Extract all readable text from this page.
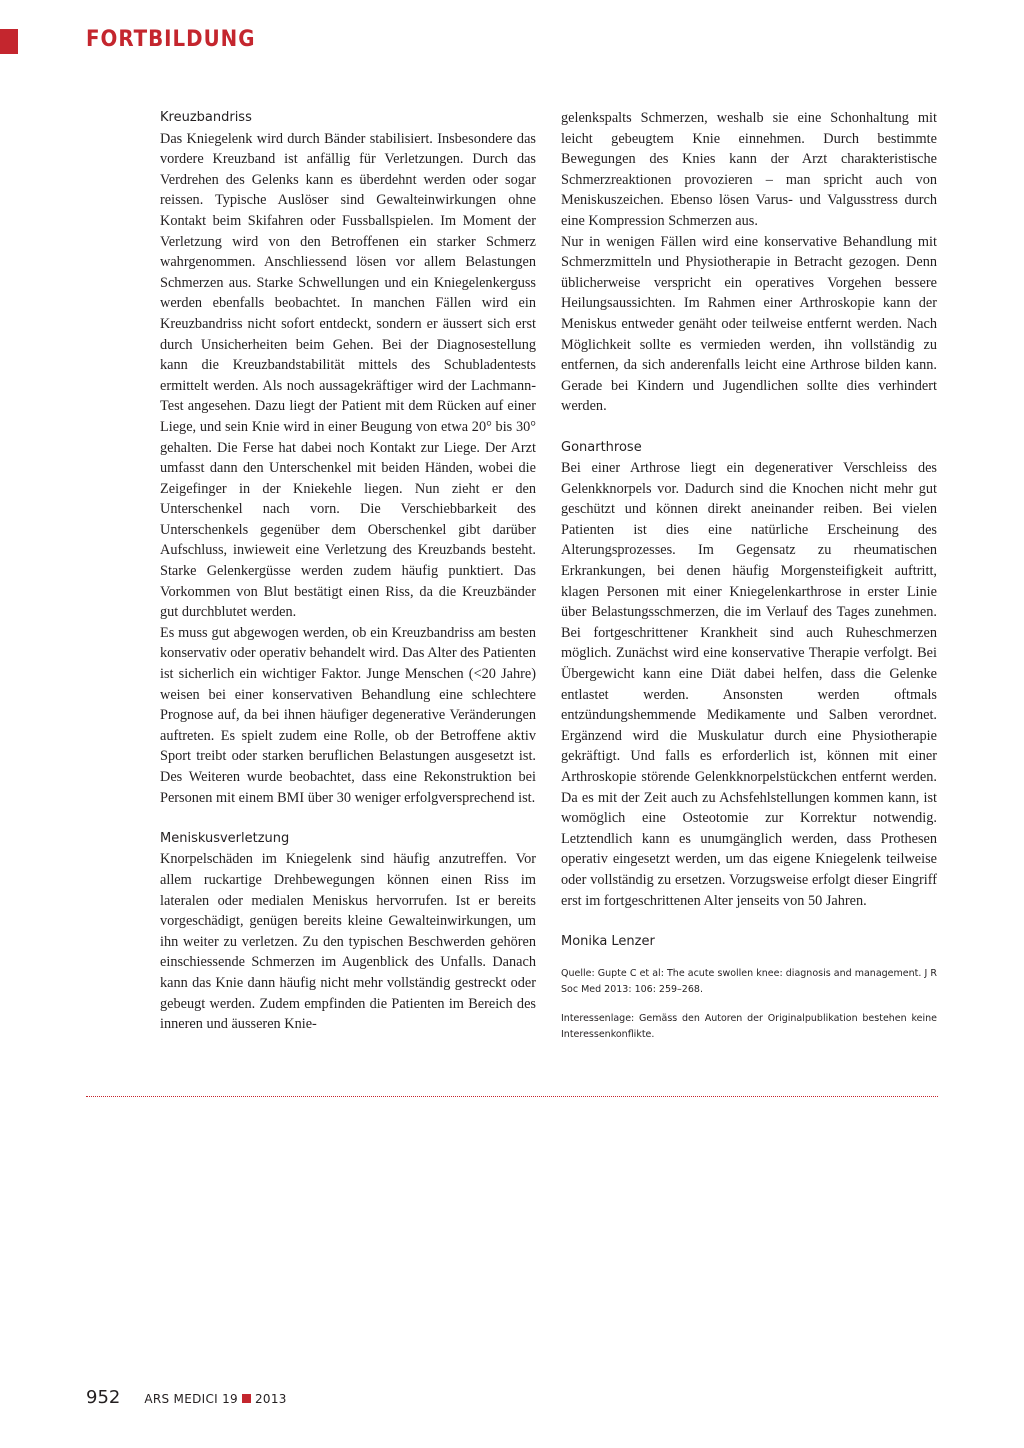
FORTBILDUNG
Kreuzbandriss

Das Kniegelenk wird durch Bänder stabilisiert. Insbesondere das vordere Kreuzband ist anfällig für Verletzungen. Durch das Verdrehen des Gelenks kann es überdehnt werden oder sogar reissen. Typische Auslöser sind Gewalteinwirkungen ohne Kontakt beim Skifahren oder Fussballspielen. Im Moment der Verletzung wird von den Betroffenen ein starker Schmerz wahrgenommen. Anschliessend lösen vor allem Belastungen Schmerzen aus. Starke Schwellungen und ein Kniegelenkerguss werden ebenfalls beobachtet. In manchen Fällen wird ein Kreuzbandriss nicht sofort entdeckt, sondern er äussert sich erst durch Unsicherheiten beim Gehen. Bei der Diagnosestellung kann die Kreuzbandstabilität mittels des Schubladentests ermittelt werden. Als noch aussagekräftiger wird der Lachmann-Test angesehen. Dazu liegt der Patient mit dem Rücken auf einer Liege, und sein Knie wird in einer Beugung von etwa 20° bis 30° gehalten. Die Ferse hat dabei noch Kontakt zur Liege. Der Arzt umfasst dann den Unterschenkel mit beiden Händen, wobei die Zeigefinger in der Kniekehle liegen. Nun zieht er den Unterschenkel nach vorn. Die Verschiebbarkeit des Unterschenkels gegenüber dem Oberschenkel gibt darüber Aufschluss, inwieweit eine Verletzung des Kreuzbands besteht. Starke Gelenkergüsse werden zudem häufig punktiert. Das Vorkommen von Blut bestätigt einen Riss, da die Kreuzbänder gut durchblutet werden.

Es muss gut abgewogen werden, ob ein Kreuzbandriss am besten konservativ oder operativ behandelt wird. Das Alter des Patienten ist sicherlich ein wichtiger Faktor. Junge Menschen (<20 Jahre) weisen bei einer konservativen Behandlung eine schlechtere Prognose auf, da bei ihnen häufiger degenerative Veränderungen auftreten. Es spielt zudem eine Rolle, ob der Betroffene aktiv Sport treibt oder starken beruflichen Belastungen ausgesetzt ist. Des Weiteren wurde beobachtet, dass eine Rekonstruktion bei Personen mit einem BMI über 30 weniger erfolgversprechend ist.

Meniskusverletzung

Knorpelschäden im Kniegelenk sind häufig anzutreffen. Vor allem ruckartige Drehbewegungen können einen Riss im lateralen oder medialen Meniskus hervorrufen. Ist er bereits vorgeschädigt, genügen bereits kleine Gewalteinwirkungen, um ihn weiter zu verletzen. Zu den typischen Beschwerden gehören einschiessende Schmerzen im Augenblick des Unfalls. Danach kann das Knie dann häufig nicht mehr vollständig gestreckt oder gebeugt werden. Zudem empfinden die Patienten im Bereich des inneren und äusseren Knie-

gelenkspalts Schmerzen, weshalb sie eine Schonhaltung mit leicht gebeugtem Knie einnehmen. Durch bestimmte Bewegungen des Knies kann der Arzt charakteristische Schmerzreaktionen provozieren – man spricht auch von Meniskuszeichen. Ebenso lösen Varus- und Valgusstress durch eine Kompression Schmerzen aus.

Nur in wenigen Fällen wird eine konservative Behandlung mit Schmerzmitteln und Physiotherapie in Betracht gezogen. Denn üblicherweise verspricht ein operatives Vorgehen bessere Heilungsaussichten. Im Rahmen einer Arthroskopie kann der Meniskus entweder genäht oder teilweise entfernt werden. Nach Möglichkeit sollte es vermieden werden, ihn vollständig zu entfernen, da sich anderenfalls leicht eine Arthrose bilden kann. Gerade bei Kindern und Jugendlichen sollte dies verhindert werden.

Gonarthrose

Bei einer Arthrose liegt ein degenerativer Verschleiss des Gelenkknorpels vor. Dadurch sind die Knochen nicht mehr gut geschützt und können direkt aneinander reiben. Bei vielen Patienten ist dies eine natürliche Erscheinung des Alterungsprozesses. Im Gegensatz zu rheumatischen Erkrankungen, bei denen häufig Morgensteifigkeit auftritt, klagen Personen mit einer Kniegelenkarthrose in erster Linie über Belastungsschmerzen, die im Verlauf des Tages zunehmen. Bei fortgeschrittener Krankheit sind auch Ruheschmerzen möglich. Zunächst wird eine konservative Therapie verfolgt. Bei Übergewicht kann eine Diät dabei helfen, dass die Gelenke entlastet werden. Ansonsten werden oftmals entzündungshemmende Medikamente und Salben verordnet. Ergänzend wird die Muskulatur durch eine Physiotherapie gekräftigt. Und falls es erforderlich ist, können mit einer Arthroskopie störende Gelenkknorpelstückchen entfernt werden. Da es mit der Zeit auch zu Achsfehlstellungen kommen kann, ist womöglich eine Osteotomie zur Korrektur notwendig. Letztendlich kann es unumgänglich werden, dass Prothesen operativ eingesetzt werden, um das eigene Kniegelenk teilweise oder vollständig zu ersetzen. Vorzugsweise erfolgt dieser Eingriff erst im fortgeschrittenen Alter jenseits von 50 Jahren.

Monika Lenzer

Quelle: Gupte C et al: The acute swollen knee: diagnosis and management. J R Soc Med 2013: 106: 259–268.

Interessenlage: Gemäss den Autoren der Originalpublikation bestehen keine Interessenkonflikte.

952 ARS MEDICI 19 2013
